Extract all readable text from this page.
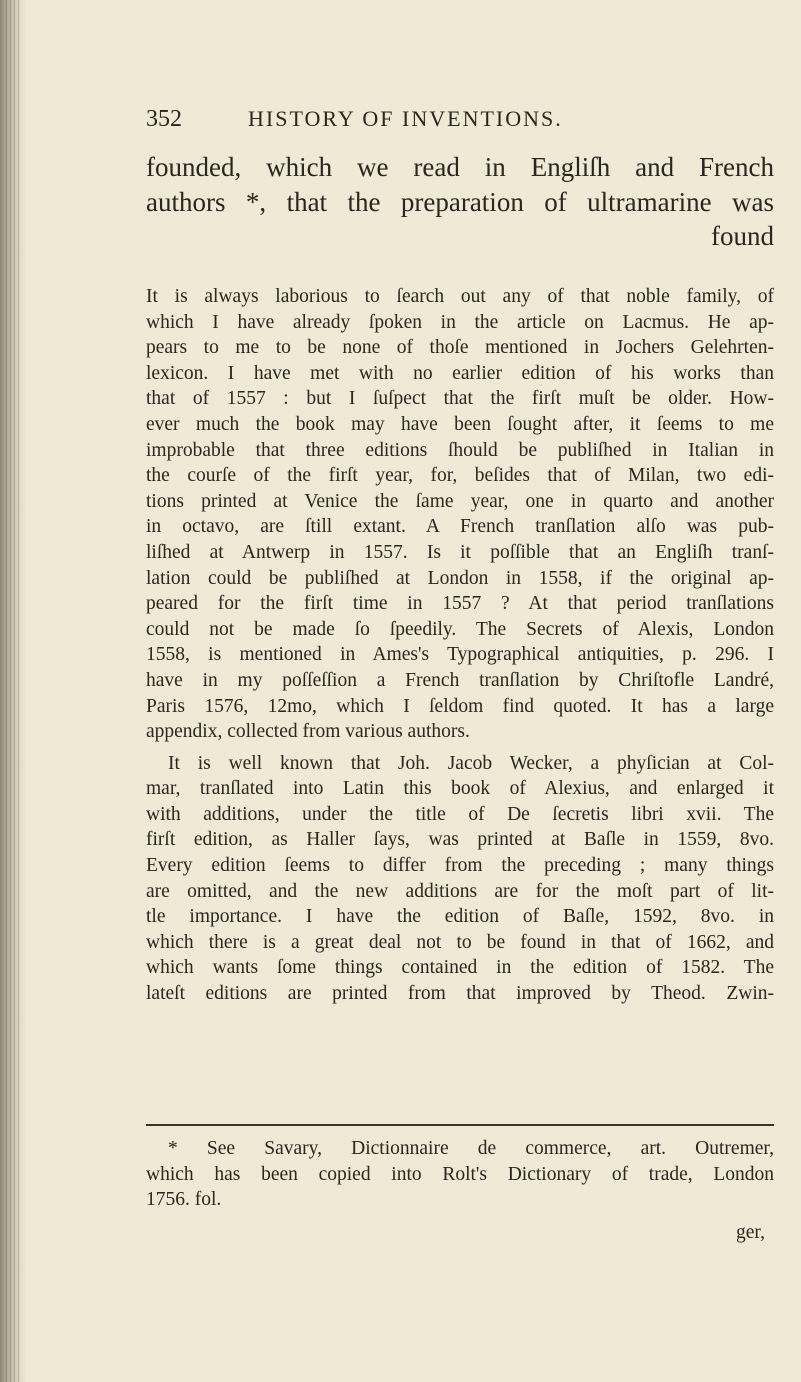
352	HISTORY OF INVENTIONS.
founded, which we read in Engliſh and French
authors *, that the preparation of ultramarine was
found

It is always laborious to ſearch out any of that noble family, of
which I have already ſpoken in the article on Lacmus. He ap-
pears to me to be none of thoſe mentioned in Jochers Gelehrten-
lexicon. I have met with no earlier edition of his works than
that of 1557 : but I ſuſpect that the firſt muſt be older. How-
ever much the book may have been ſought after, it ſeems to me
improbable that three editions ſhould be publiſhed in Italian in
the courſe of the firſt year, for, beſides that of Milan, two edi-
tions printed at Venice the ſame year, one in quarto and another
in octavo, are ſtill extant. A French tranſlation alſo was pub-
liſhed at Antwerp in 1557. Is it poſſible that an Engliſh tranſ-
lation could be publiſhed at London in 1558, if the original ap-
peared for the firſt time in 1557 ? At that period tranſlations
could not be made ſo ſpeedily. The Secrets of Alexis, London
1558, is mentioned in Ames's Typographical antiquities, p. 296. I
have in my poſſeſſion a French tranſlation by Chriſtofle Landré,
Paris 1576, 12mo, which I ſeldom find quoted. It has a large
appendix, collected from various authors.

It is well known that Joh. Jacob Wecker, a phyſician at Col-
mar, tranſlated into Latin this book of Alexius, and enlarged it
with additions, under the title of De ſecretis libri xvii. The
firſt edition, as Haller ſays, was printed at Baſle in 1559, 8vo.
Every edition ſeems to differ from the preceding ; many things
are omitted, and the new additions are for the moſt part of lit-
tle importance. I have the edition of Baſle, 1592, 8vo. in
which there is a great deal not to be found in that of 1662, and
which wants ſome things contained in the edition of 1582. The
lateſt editions are printed from that improved by Theod. Zwin-

* See Savary, Dictionnaire de commerce, art. Outremer,
which has been copied into Rolt's Dictionary of trade, London
1756. fol.
ger,
